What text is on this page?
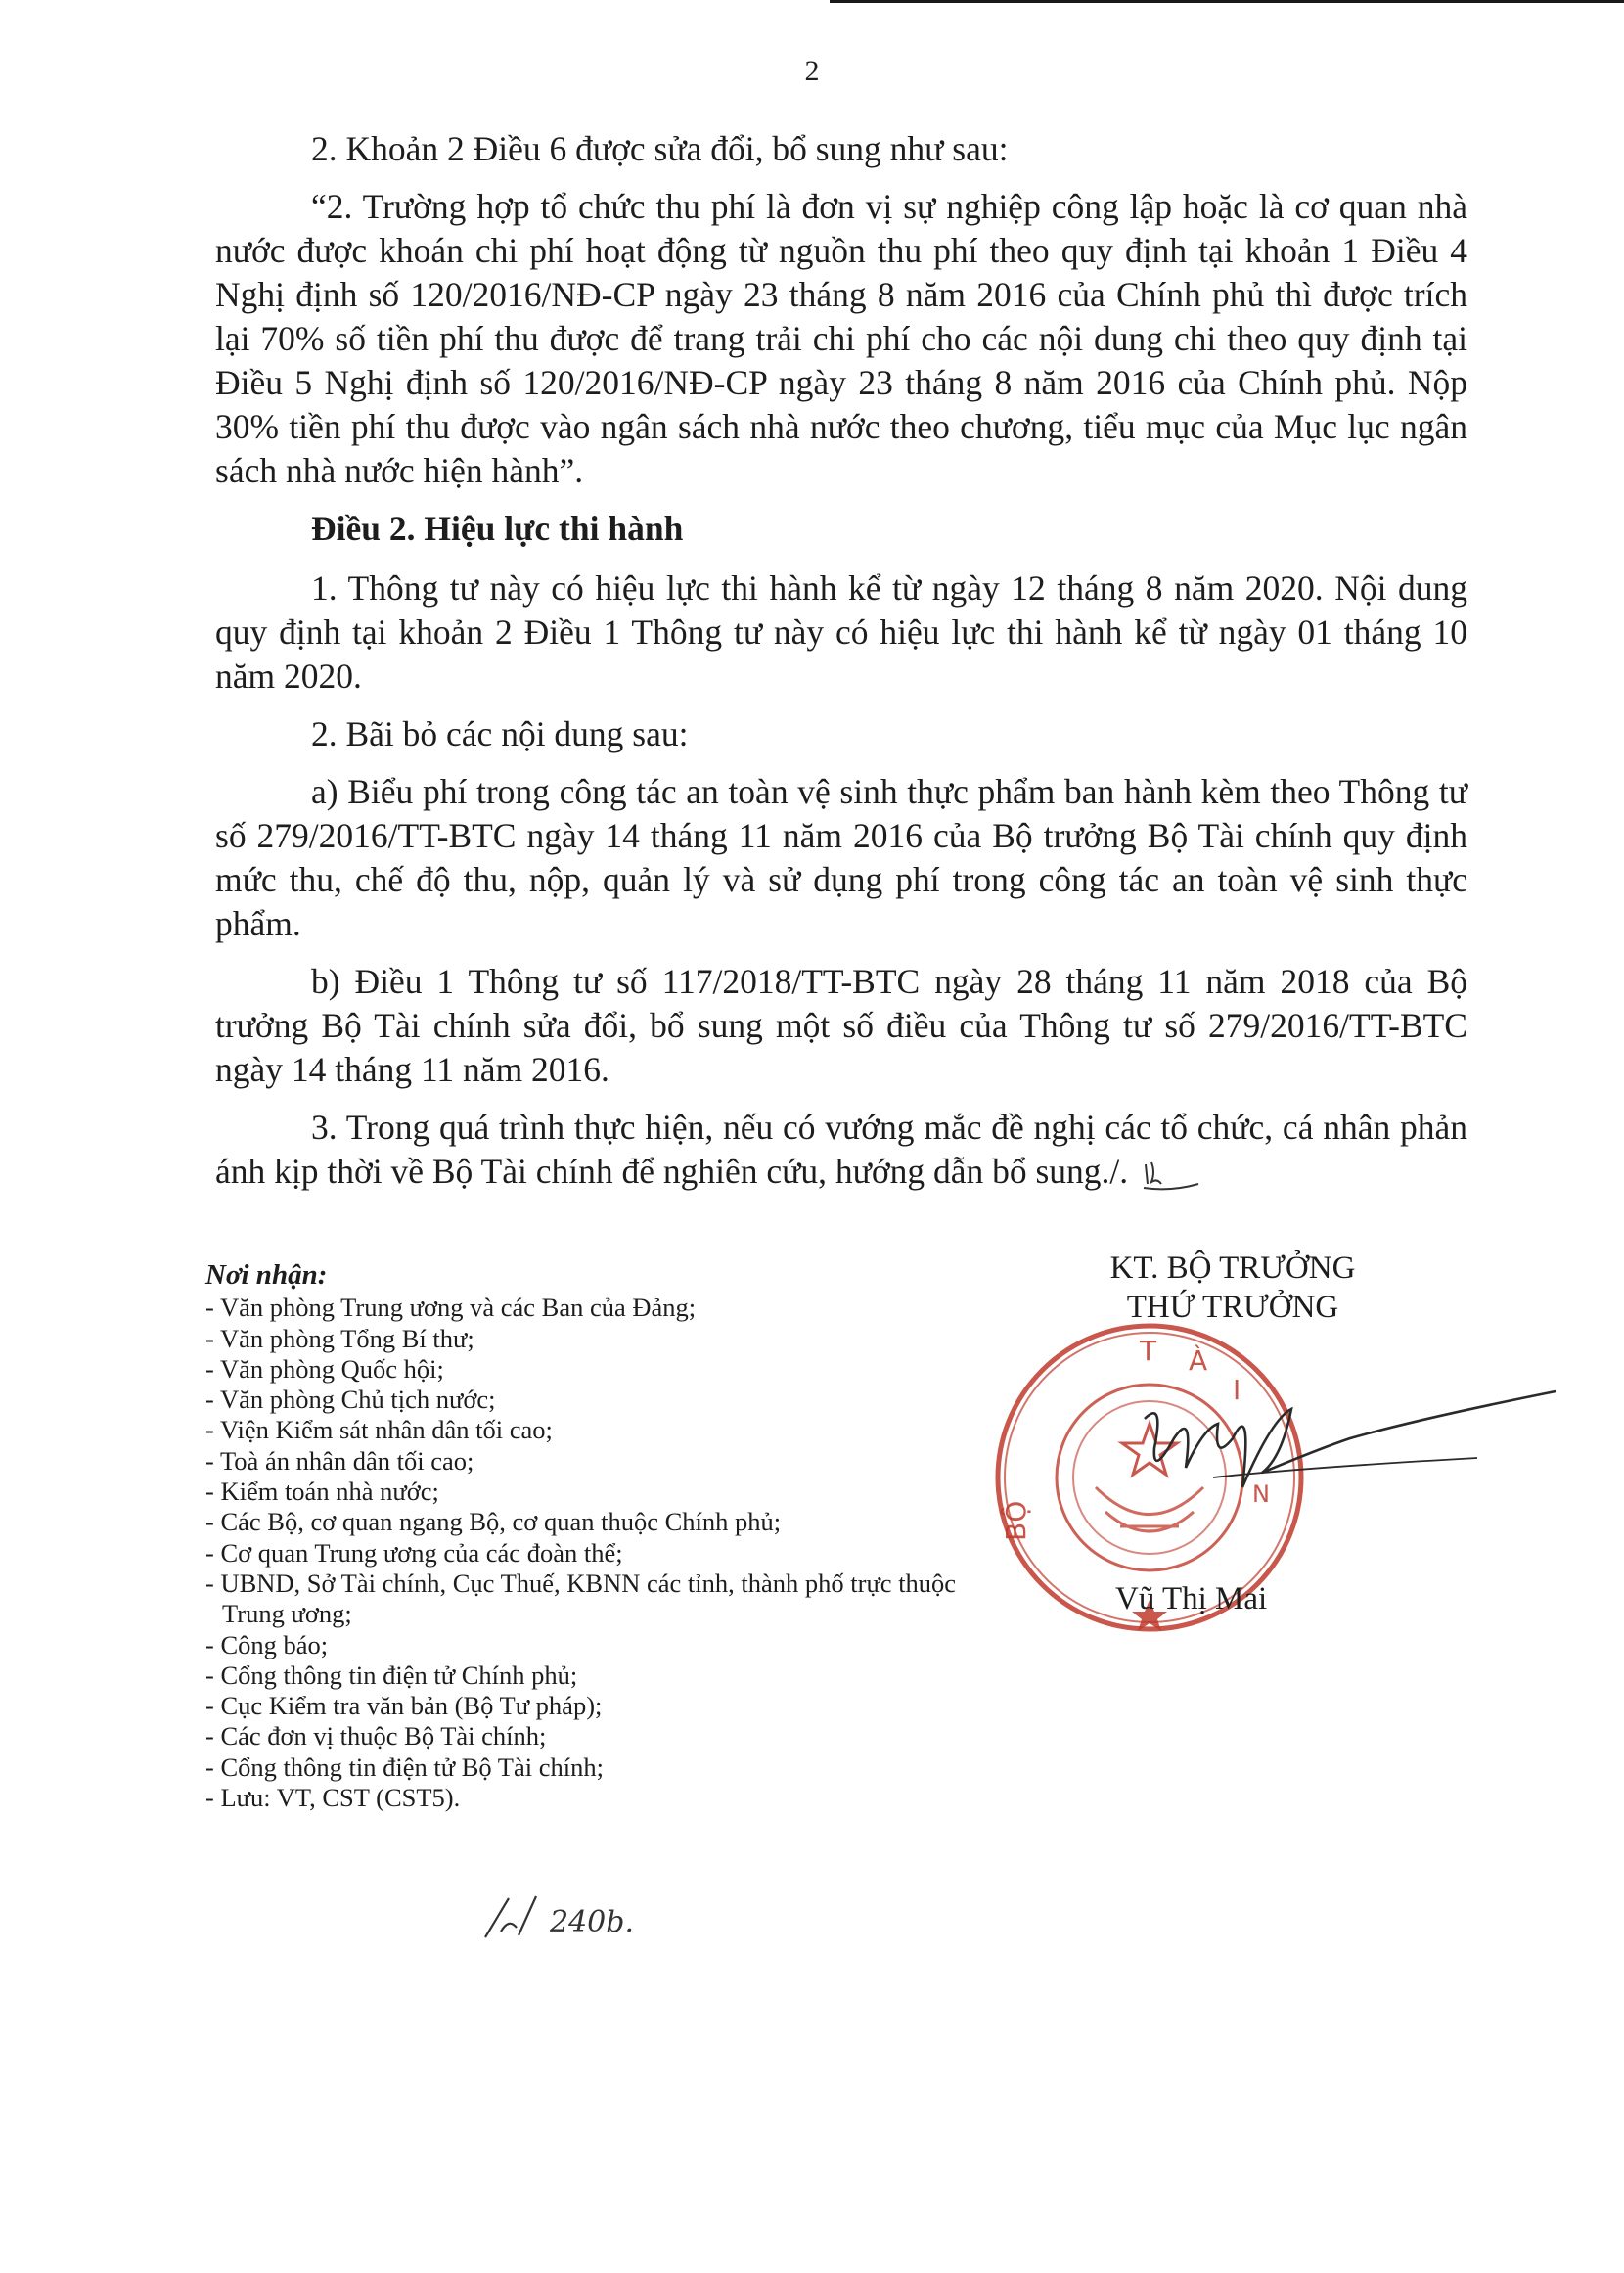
2

2. Khoản 2 Điều 6 được sửa đổi, bổ sung như sau:

“2. Trường hợp tổ chức thu phí là đơn vị sự nghiệp công lập hoặc là cơ quan nhà nước được khoán chi phí hoạt động từ nguồn thu phí theo quy định tại khoản 1 Điều 4 Nghị định số 120/2016/NĐ-CP ngày 23 tháng 8 năm 2016 của Chính phủ thì được trích lại 70% số tiền phí thu được để trang trải chi phí cho các nội dung chi theo quy định tại Điều 5 Nghị định số 120/2016/NĐ-CP ngày 23 tháng 8 năm 2016 của Chính phủ. Nộp 30% tiền phí thu được vào ngân sách nhà nước theo chương, tiểu mục của Mục lục ngân sách nhà nước hiện hành”.

Điều 2. Hiệu lực thi hành

1. Thông tư này có hiệu lực thi hành kể từ ngày 12 tháng 8 năm 2020. Nội dung quy định tại khoản 2 Điều 1 Thông tư này có hiệu lực thi hành kể từ ngày 01 tháng 10 năm 2020.

2. Bãi bỏ các nội dung sau:

a) Biểu phí trong công tác an toàn vệ sinh thực phẩm ban hành kèm theo Thông tư số 279/2016/TT-BTC ngày 14 tháng 11 năm 2016 của Bộ trưởng Bộ Tài chính quy định mức thu, chế độ thu, nộp, quản lý và sử dụng phí trong công tác an toàn vệ sinh thực phẩm.

b) Điều 1 Thông tư số 117/2018/TT-BTC ngày 28 tháng 11 năm 2018 của Bộ trưởng Bộ Tài chính sửa đổi, bổ sung một số điều của Thông tư số 279/2016/TT-BTC ngày 14 tháng 11 năm 2016.

3. Trong quá trình thực hiện, nếu có vướng mắc đề nghị các tổ chức, cá nhân phản ánh kịp thời về Bộ Tài chính để nghiên cứu, hướng dẫn bổ sung./.

Nơi nhận:
- Văn phòng Trung ương và các Ban của Đảng;
- Văn phòng Tổng Bí thư;
- Văn phòng Quốc hội;
- Văn phòng Chủ tịch nước;
- Viện Kiểm sát nhân dân tối cao;
- Toà án nhân dân tối cao;
- Kiểm toán nhà nước;
- Các Bộ, cơ quan ngang Bộ, cơ quan thuộc Chính phủ;
- Cơ quan Trung ương của các đoàn thể;
- UBND, Sở Tài chính, Cục Thuế, KBNN các tỉnh, thành phố trực thuộc Trung ương;
- Công báo;
- Cổng thông tin điện tử Chính phủ;
- Cục Kiểm tra văn bản (Bộ Tư pháp);
- Các đơn vị thuộc Bộ Tài chính;
- Cổng thông tin điện tử Bộ Tài chính;
- Lưu: VT, CST (CST5).
240b.
KT. BỘ TRƯỞNG
THỨ TRƯỞNG
T À
I
BỘ
N
Vũ Thị Mai
